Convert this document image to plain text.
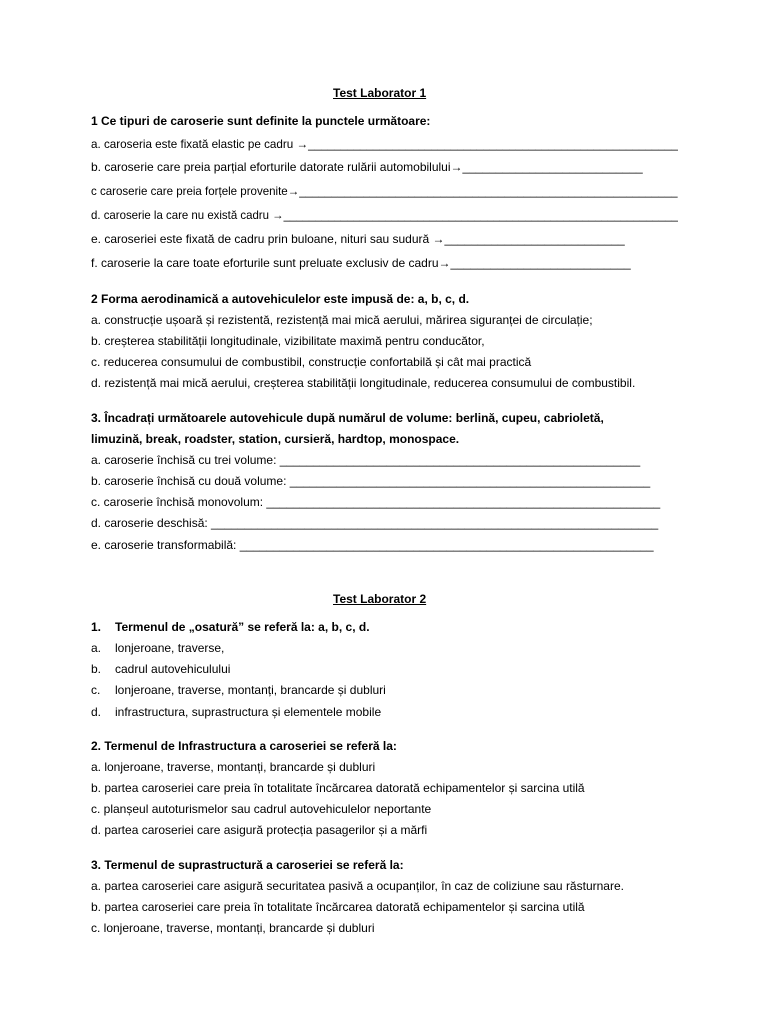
Test Laborator 1
1 Ce tipuri de caroserie sunt definite la punctele următoare:
a. caroseria este fixată elastic pe cadru →_________________________________________________________
b. caroserie care preia parțial eforturile datorate rulării automobilului→___________________________
c caroserie care preia forțele provenite→___________________________________________________________
d. caroserie la care nu există cadru →______________________________________________________________
e. caroseriei este fixată de cadru prin buloane, nituri sau sudură →___________________________
f. caroserie la care toate eforturile sunt preluate exclusiv de cadru→___________________________
2 Forma aerodinamică a autovehiculelor este impusă de: a, b, c, d.
a. construcție ușoară și rezistentă, rezistență mai mică aerului, mărirea siguranței de circulație;
b. creșterea stabilității longitudinale, vizibilitate maximă pentru conducător,
c. reducerea consumului de combustibil, construcție confortabilă și cât mai practică
d. rezistență mai mică aerului, creșterea stabilității longitudinale, reducerea consumului de combustibil.
3. Încadrați următoarele autovehicule după numărul de volume: berlină, cupeu, cabrioletă,
limuzină, break, roadster, station, cursieră, hardtop, monospace.
a. caroserie închisă cu trei volume: ______________________________________________________
b. caroserie închisă cu două volume: ______________________________________________________
c. caroserie închisă monovolum: ___________________________________________________________
d. caroserie deschisă: ___________________________________________________________________
e. caroserie transformabilă: ______________________________________________________________
Test Laborator 2
1. Termenul de „osatură” se referă la: a, b, c, d.
a. lonjeroane, traverse,
b. cadrul autovehiculului
c. lonjeroane, traverse, montanți, brancarde și dubluri
d. infrastructura, suprastructura și elementele mobile
2. Termenul de Infrastructura a caroseriei se referă la:
a. lonjeroane, traverse, montanți, brancarde și dubluri
b. partea caroseriei care preia în totalitate încărcarea datorată echipamentelor și sarcina utilă
c. planșeul autoturismelor sau cadrul autovehiculelor neportante
d. partea caroseriei care asigură protecția pasagerilor și a mărfi
3. Termenul de suprastructură a caroseriei se referă la:
a. partea caroseriei care asigură securitatea pasivă a ocupanților, în caz de coliziune sau răsturnare.
b. partea caroseriei care preia în totalitate încărcarea datorată echipamentelor și sarcina utilă
c. lonjeroane, traverse, montanți, brancarde și dubluri
